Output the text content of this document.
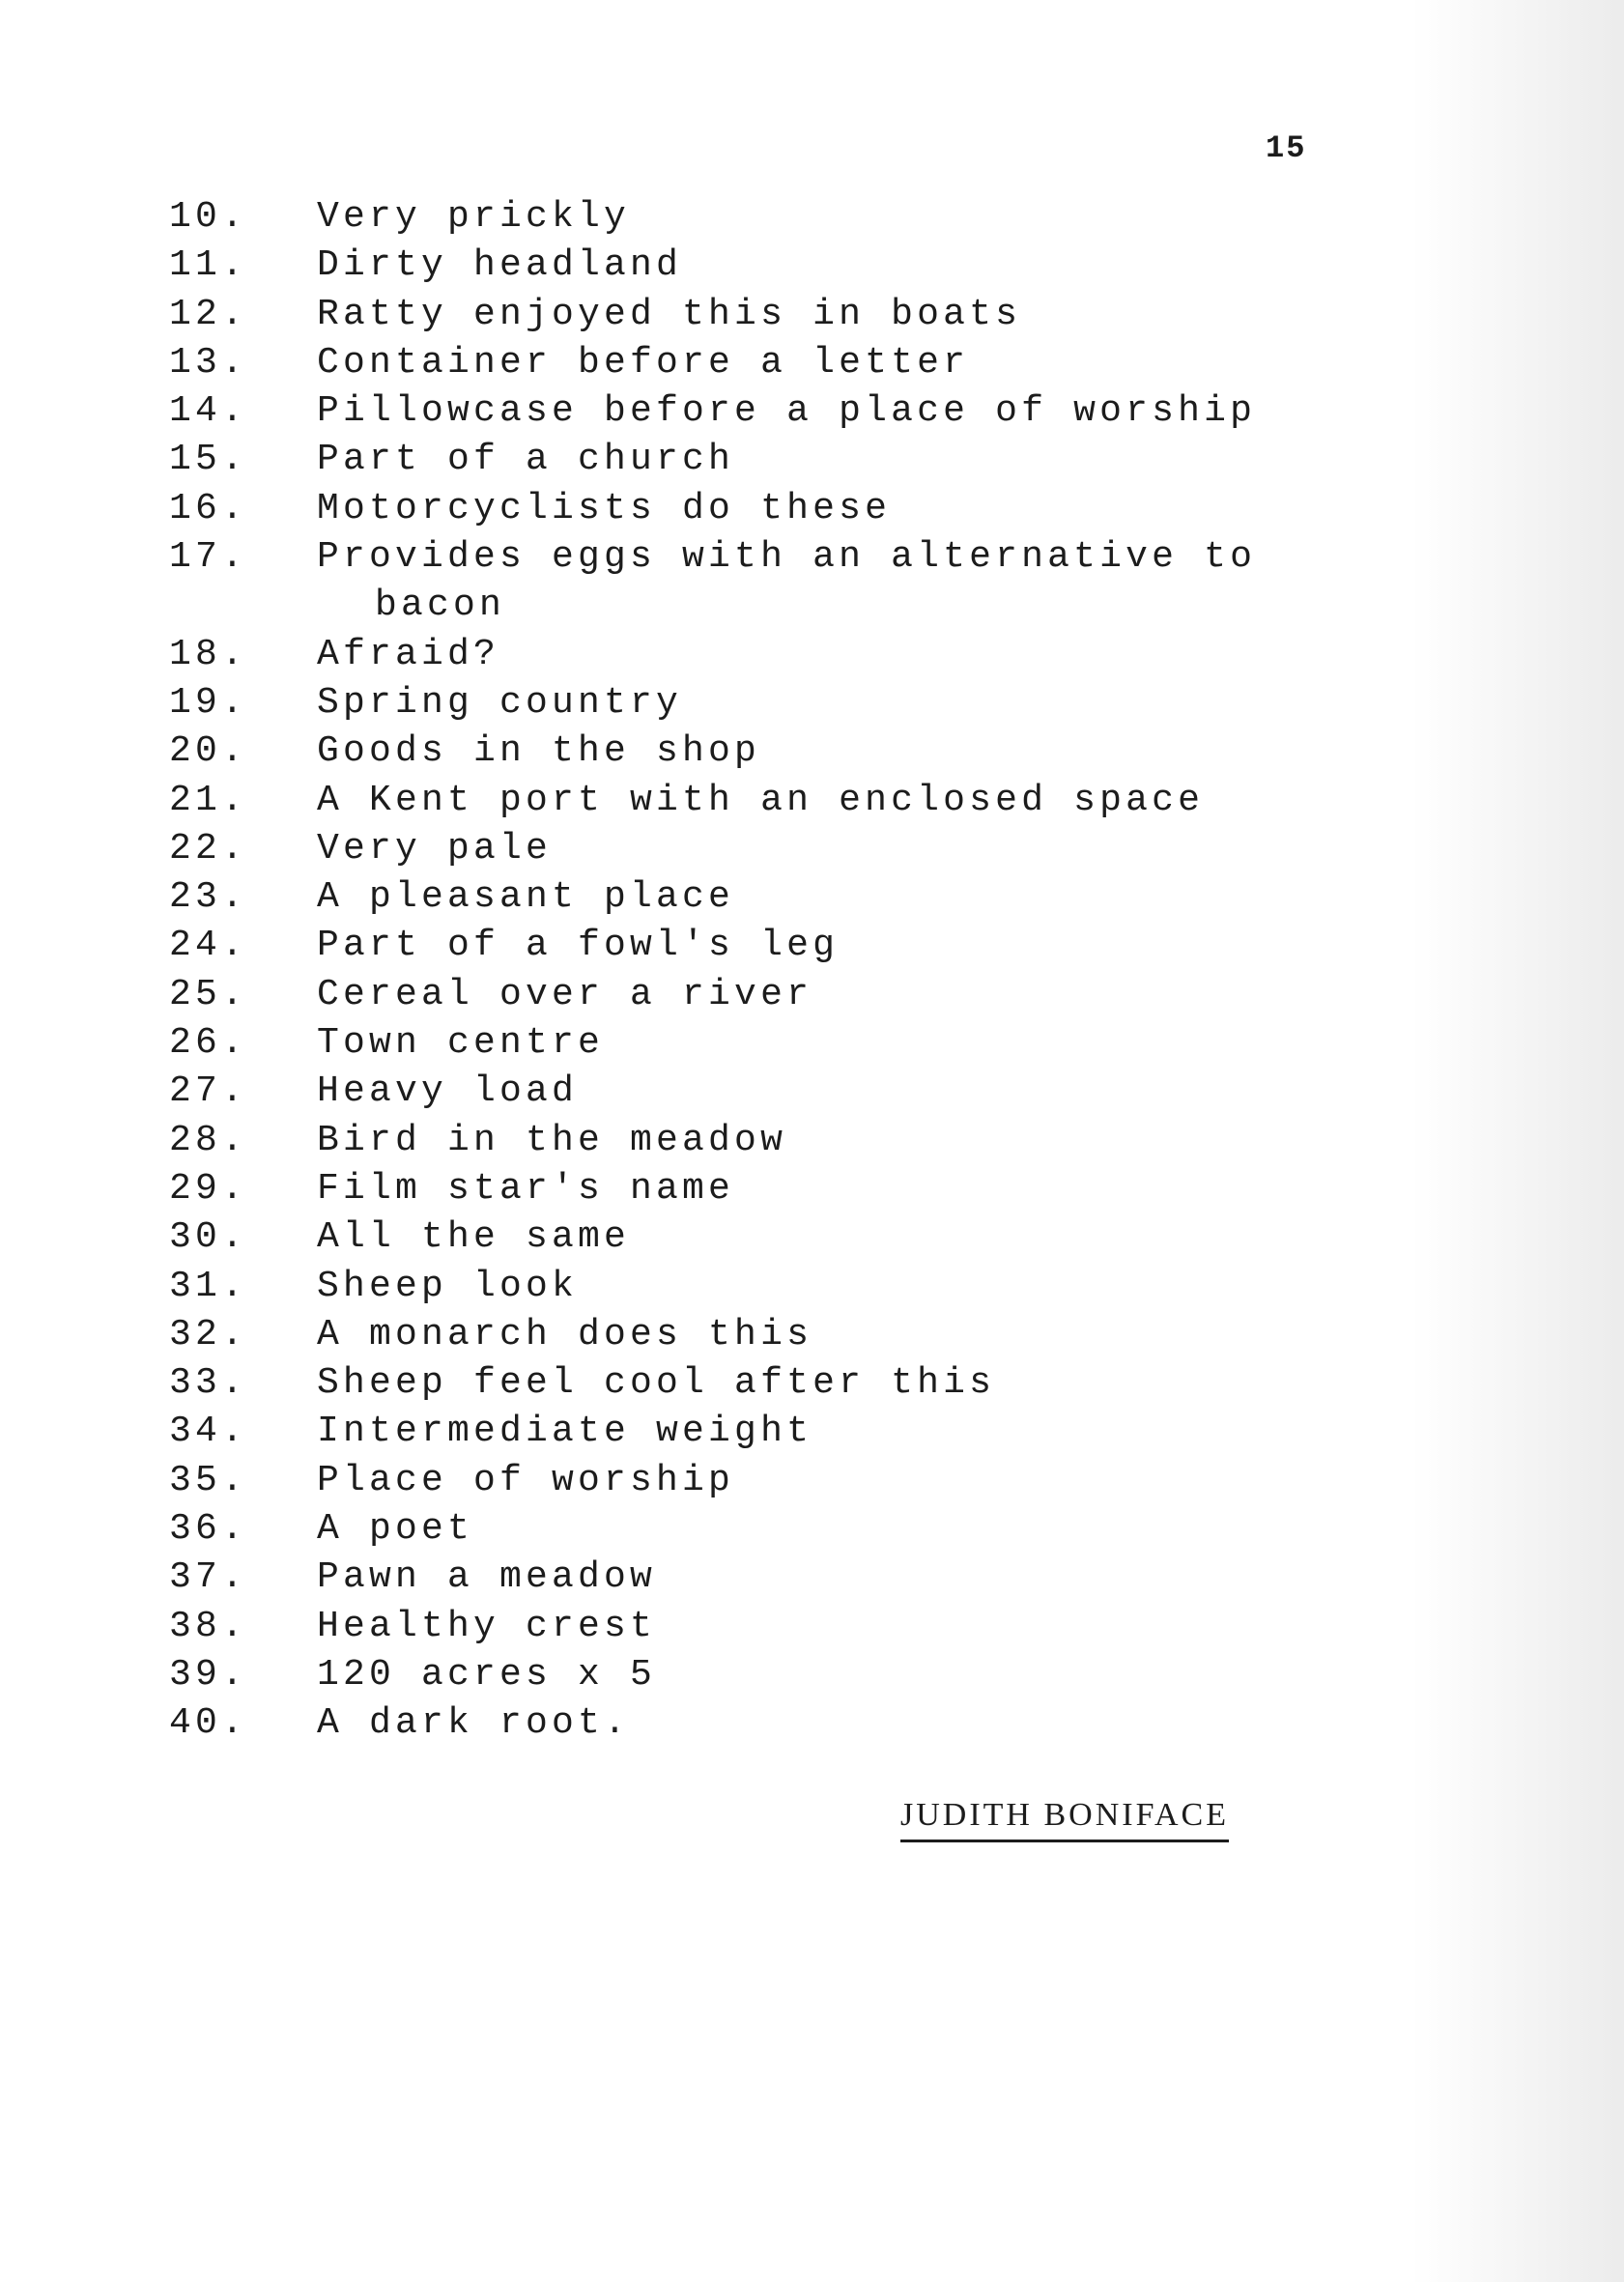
15
10. Very prickly
11. Dirty headland
12. Ratty enjoyed this in boats
13. Container before a letter
14. Pillowcase before a place of worship
15. Part of a church
16. Motorcyclists do these
17. Provides eggs with an alternative to
bacon
18. Afraid?
19. Spring country
20. Goods in the shop
21. A Kent port with an enclosed space
22. Very pale
23. A pleasant place
24. Part of a fowl's leg
25. Cereal over a river
26. Town centre
27. Heavy load
28. Bird in the meadow
29. Film star's name
30. All the same
31. Sheep look
32. A monarch does this
33. Sheep feel cool after this
34. Intermediate weight
35. Place of worship
36. A poet
37. Pawn a meadow
38. Healthy crest
39. 120 acres x 5
40. A dark root.
JUDITH BONIFACE
